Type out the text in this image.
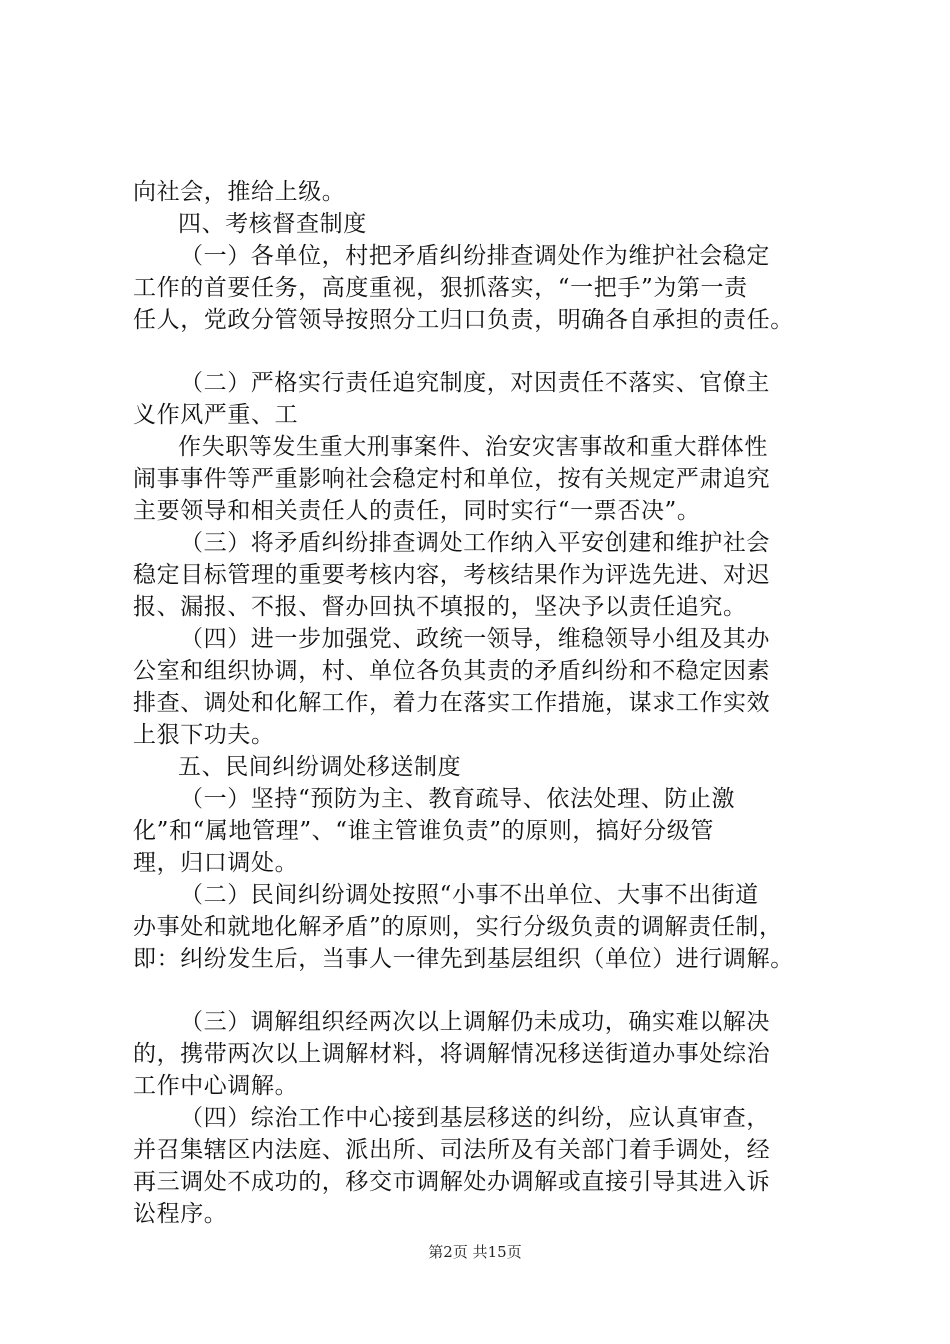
向社会，推给上级。
四、考核督查制度
（一）各单位，村把矛盾纠纷排查调处作为维护社会稳定
工作的首要任务，高度重视，狠抓落实，“一把手”为第一责
任人，党政分管领导按照分工归口负责，明确各自承担的责任。
（二）严格实行责任追究制度，对因责任不落实、官僚主
义作风严重、工
作失职等发生重大刑事案件、治安灾害事故和重大群体性
闹事事件等严重影响社会稳定村和单位，按有关规定严肃追究
主要领导和相关责任人的责任，同时实行“一票否决”。
（三）将矛盾纠纷排查调处工作纳入平安创建和维护社会
稳定目标管理的重要考核内容，考核结果作为评选先进、对迟
报、漏报、不报、督办回执不填报的，坚决予以责任追究。
（四）进一步加强党、政统一领导，维稳领导小组及其办
公室和组织协调，村、单位各负其责的矛盾纠纷和不稳定因素
排查、调处和化解工作，着力在落实工作措施，谋求工作实效
上狠下功夫。
五、民间纠纷调处移送制度
（一）坚持“预防为主、教育疏导、依法处理、防止激
化”和“属地管理”、“谁主管谁负责”的原则，搞好分级管
理，归口调处。
（二）民间纠纷调处按照“小事不出单位、大事不出街道
办事处和就地化解矛盾”的原则，实行分级负责的调解责任制，
即：纠纷发生后，当事人一律先到基层组织（单位）进行调解。
（三）调解组织经两次以上调解仍未成功，确实难以解决
的，携带两次以上调解材料，将调解情况移送街道办事处综治
工作中心调解。
（四）综治工作中心接到基层移送的纠纷，应认真审查，
并召集辖区内法庭、派出所、司法所及有关部门着手调处，经
再三调处不成功的，移交市调解处办调解或直接引导其进入诉
讼程序。
第2页 共15页
